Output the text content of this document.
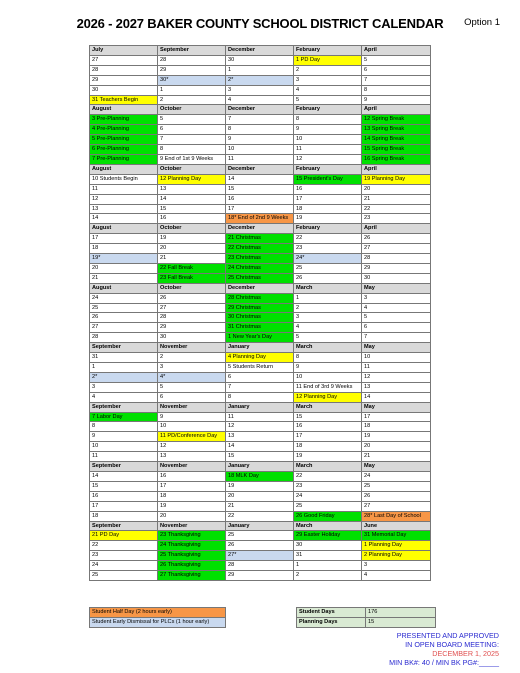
2026 - 2027 BAKER COUNTY SCHOOL DISTRICT CALENDAR	Option 1
July	September	December	February	April
27	28	30	1 PD Day	5
28	29	1	2	6
29	30*	2*	3	7
30	1	3	4	8
31 Teachers Begin	2	4	5	9
August	October	December	February	April
3 Pre-Planning	5	7	8	12 Spring Break
4 Pre-Planning	6	8	9	13 Spring Break
5 Pre-Planning	7	9	10	14 Spring Break
6 Pre-Planning	8	10	11	15 Spring Break
7 Pre-Planning	9 End of 1st 9 Weeks	11	12	16 Spring Break
August	October	December	February	April
10 Students Begin	12 Planning Day	14	15 President's Day	19 Planning Day
11	13	15	16	20
12	14	16	17	21
13	15	17	18	22
14	16	18* End of 2nd 9 Weeks	19	23
August	October	December	February	April
17	19	21 Christmas	22	26
18	20	22 Christmas	23	27
19*	21	23 Christmas	24*	28
20	22 Fall Break	24 Christmas	25	29
21	23 Fall Break	25 Christmas	26	30
August	October	December	March	May
24	26	28 Christmas	1	3
25	27	29 Christmas	2	4
26	28	30 Christmas	3	5
27	29	31 Christmas	4	6
28	30	1 New Year's Day	5	7
September	November	January	March	May
31	2	4 Planning Day	8	10
1	3	5 Students Return	9	11
2*	4*	6	10	12
3	5	7	11 End of 3rd 9 Weeks	13
4	6	8	12 Planning Day	14
September	November	January	March	May
7 Labor Day	9	11	15	17
8	10	12	16	18
9	11 PD/Conference Day	13	17	19
10	12	14	18	20
11	13	15	19	21
September	November	January	March	May
14	16	18 MLK Day	22	24
15	17	19	23	25
16	18	20	24	26
17	19	21	25	27
18	20	22	26 Good Friday	28* Last Day of School
September	November	January	March	June
21 PD Day	23 Thanksgiving	25	29 Easter Holiday	31 Memorial Day
22	24 Thanksgiving	26	30	1 Planning Day
23	25 Thanksgiving	27*	31	2 Planning Day
24	26 Thanksgiving	28	1	3
25	27 Thanksgiving	29	2	4
Student Half Day (2 hours early)		Student Days	176
Student Early Dismissal for PLCs (1 hour early)		Planning Days	15
PRESENTED AND APPROVED
IN OPEN BOARD MEETING:
DECEMBER 1, 2025
MIN BK#: 40 / MIN BK PG#:_____
